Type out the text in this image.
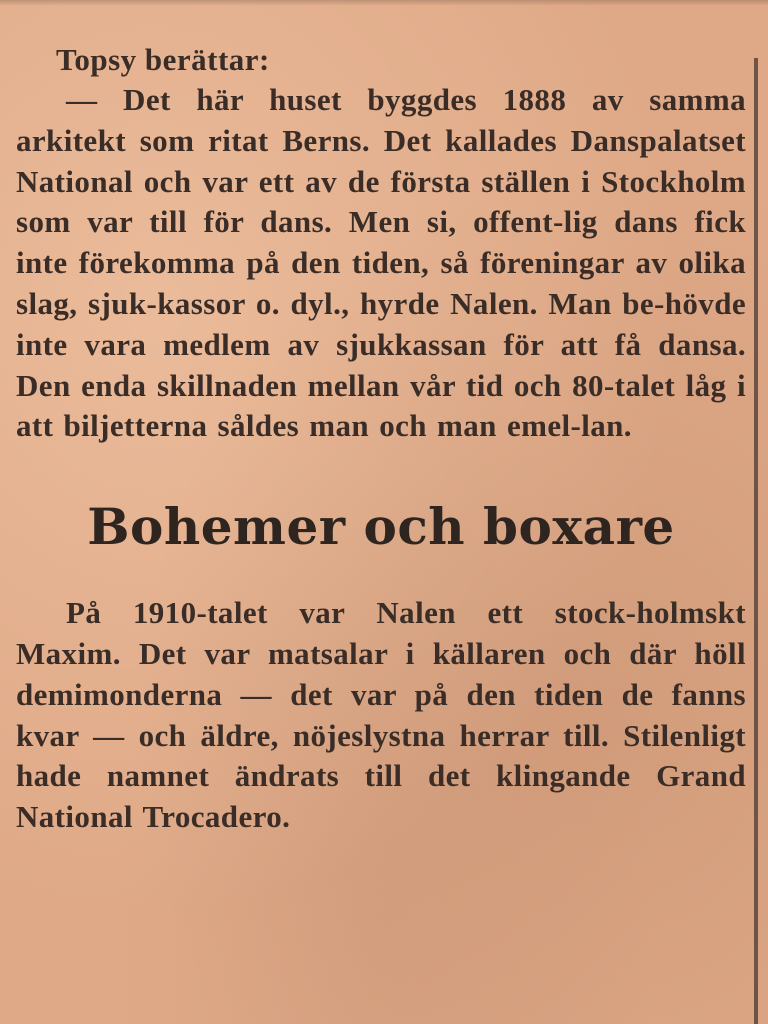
Topsy berättar:

— Det här huset byggdes 1888 av samma arkitekt som ritat Berns. Det kallades Danspalatset National och var ett av de första ställen i Stockholm som var till för dans. Men si, offent-lig dans fick inte förekomma på den tiden, så föreningar av olika slag, sjuk-kassor o. dyl., hyrde Nalen. Man be-hövde inte vara medlem av sjukkassan för att få dansa. Den enda skillnaden mellan vår tid och 80-talet låg i att biljetterna såldes man och man emel-lan.

Bohemer och boxare

På 1910-talet var Nalen ett stock-holmskt Maxim. Det var matsalar i källaren och där höll demimonderna — det var på den tiden de fanns kvar — och äldre, nöjeslystna herrar till. Stilenligt hade namnet ändrats till det klingande Grand National Trocadero.
